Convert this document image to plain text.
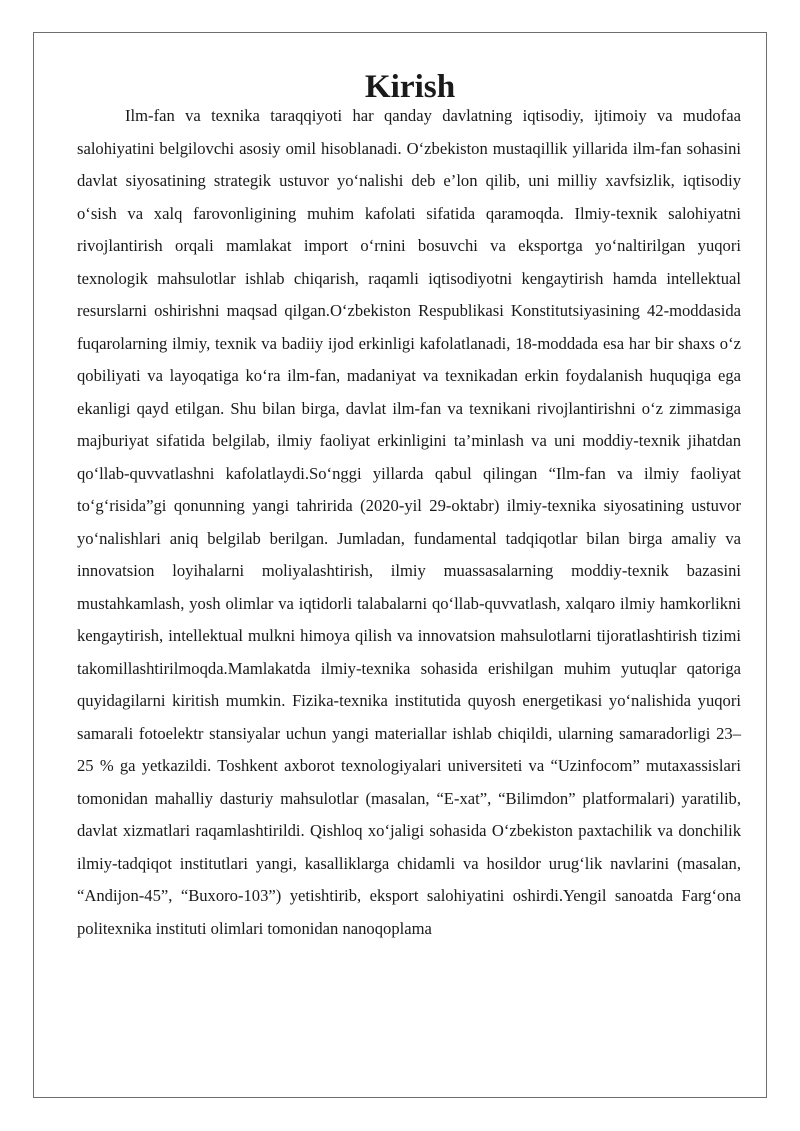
Kirish

Ilm-fan va texnika taraqqiyoti har qanday davlatning iqtisodiy, ijtimoiy va mudofaa salohiyatini belgilovchi asosiy omil hisoblanadi. O‘zbekiston mustaqillik yillarida ilm-fan sohasini davlat siyosatining strategik ustuvor yo‘nalishi deb e’lon qilib, uni milliy xavfsizlik, iqtisodiy o‘sish va xalq farovonligining muhim kafolati sifatida qaramoqda. Ilmiy-texnik salohiyatni rivojlantirish orqali mamlakat import o‘rnini bosuvchi va eksportga yo‘naltirilgan yuqori texnologik mahsulotlar ishlab chiqarish, raqamli iqtisodiyotni kengaytirish hamda intellektual resurslarni oshirishni maqsad qilgan.O‘zbekiston Respublikasi Konstitutsiyasining 42-moddasida fuqarolarning ilmiy, texnik va badiiy ijod erkinligi kafolatlanadi, 18-moddada esa har bir shaxs o‘z qobiliyati va layoqatiga ko‘ra ilm-fan, madaniyat va texnikadan erkin foydalanish huquqiga ega ekanligi qayd etilgan. Shu bilan birga, davlat ilm-fan va texnikani rivojlantirishni o‘z zimmasiga majburiyat sifatida belgilab, ilmiy faoliyat erkinligini ta’minlash va uni moddiy-texnik jihatdan qo‘llab-quvvatlashni kafolatlaydi.So‘nggi yillarda qabul qilingan “Ilm-fan va ilmiy faoliyat to‘g‘risida”gi qonunning yangi tahririda (2020-yil 29-oktabr) ilmiy-texnika siyosatining ustuvor yo‘nalishlari aniq belgilab berilgan. Jumladan, fundamental tadqiqotlar bilan birga amaliy va innovatsion loyihalarni moliyalashtirish, ilmiy muassasalarning moddiy-texnik bazasini mustahkamlash, yosh olimlar va iqtidorli talabalarni qo‘llab-quvvatlash, xalqaro ilmiy hamkorlikni kengaytirish, intellektual mulkni himoya qilish va innovatsion mahsulotlarni tijoratlashtirish tizimi takomillashtirilmoqda.Mamlakatda ilmiy-texnika sohasida erishilgan muhim yutuqlar qatoriga quyidagilarni kiritish mumkin. Fizika-texnika institutida quyosh energetikasi yo‘nalishida yuqori samarali fotoelektr stansiyalar uchun yangi materiallar ishlab chiqildi, ularning samaradorligi 23–25 % ga yetkazildi. Toshkent axborot texnologiyalari universiteti va “Uzinfocom” mutaxassislari tomonidan mahalliy dasturiy mahsulotlar (masalan, “E-xat”, “Bilimdon” platformalari) yaratilib, davlat xizmatlari raqamlashtirildi. Qishloq xo‘jaligi sohasida O‘zbekiston paxtachilik va donchilik ilmiy-tadqiqot institutlari yangi, kasalliklarga chidamli va hosildor urug‘lik navlarini (masalan, “Andijon-45”, “Buxoro-103”) yetishtirib, eksport salohiyatini oshirdi.Yengil sanoatda Farg‘ona politexnika instituti olimlari tomonidan nanoqoplama
